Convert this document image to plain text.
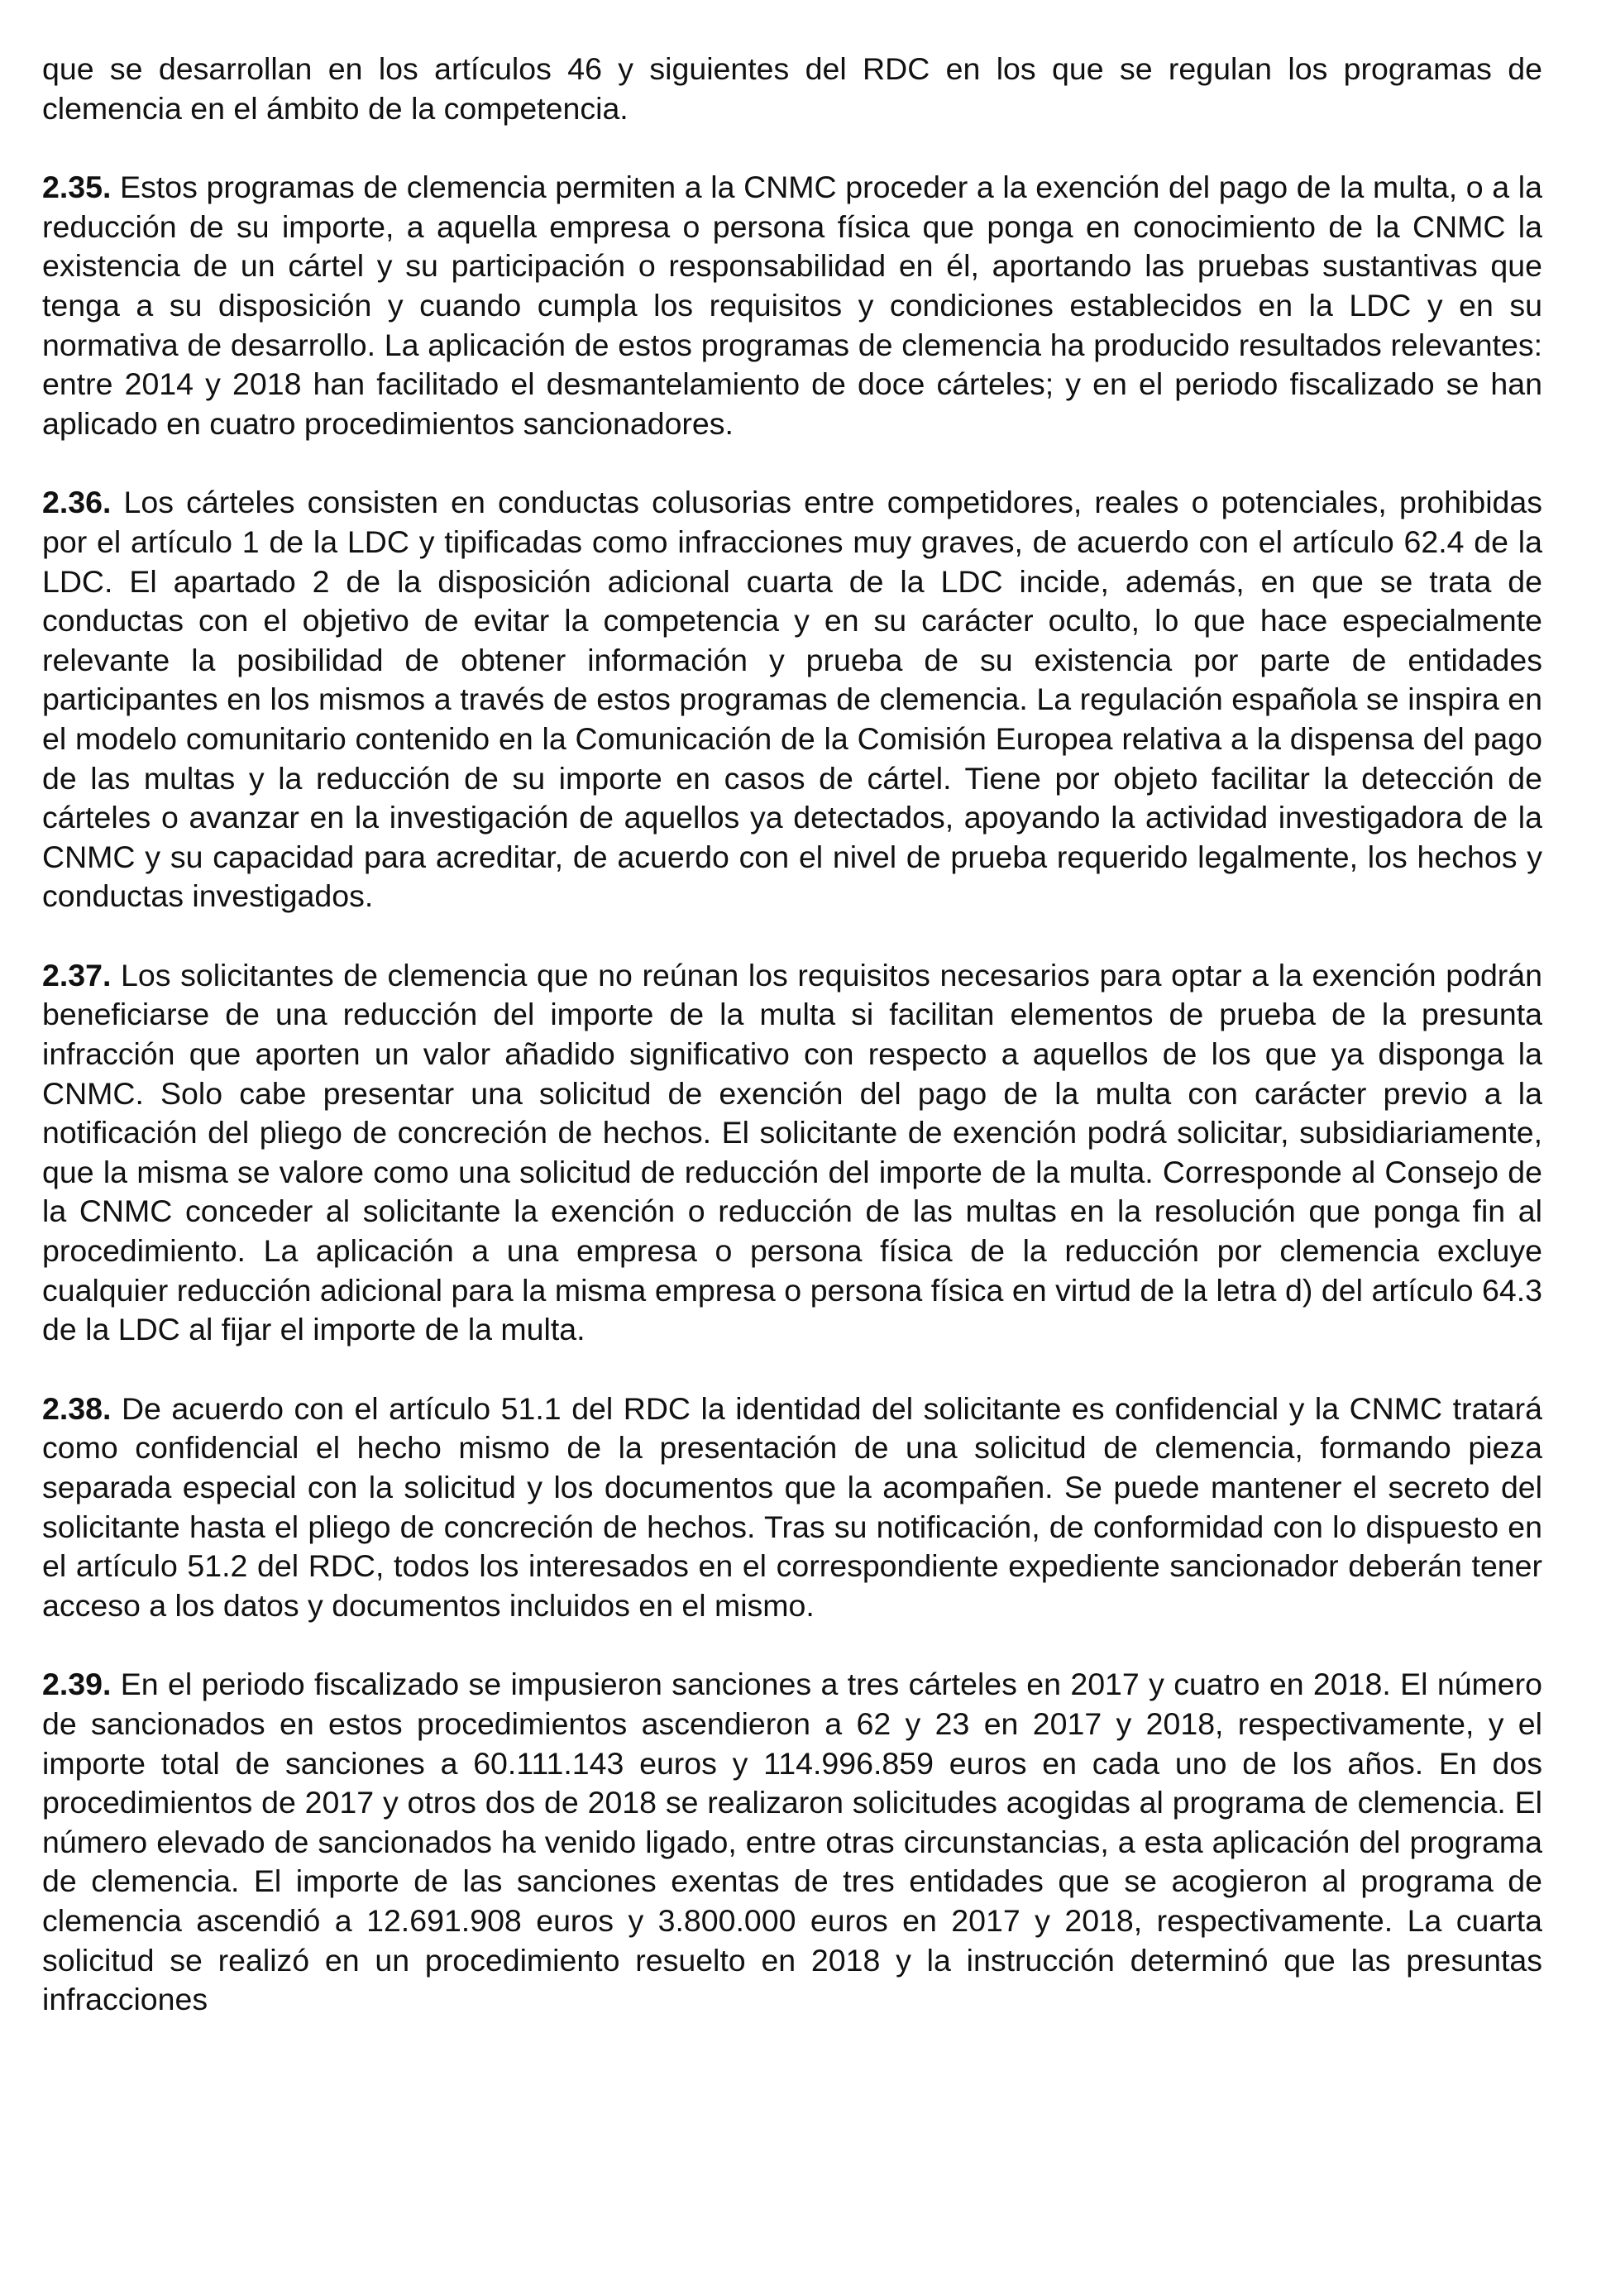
que se desarrollan en los artículos 46 y siguientes del RDC en los que se regulan los programas de clemencia en el ámbito de la competencia.

2.35. Estos programas de clemencia permiten a la CNMC proceder a la exención del pago de la multa, o a la reducción de su importe, a aquella empresa o persona física que ponga en conocimiento de la CNMC la existencia de un cártel y su participación o responsabilidad en él, aportando las pruebas sustantivas que tenga a su disposición y cuando cumpla los requisitos y condiciones establecidos en la LDC y en su normativa de desarrollo. La aplicación de estos programas de clemencia ha producido resultados relevantes: entre 2014 y 2018 han facilitado el desmantelamiento de doce cárteles; y en el periodo fiscalizado se han aplicado en cuatro procedimientos sancionadores.

2.36. Los cárteles consisten en conductas colusorias entre competidores, reales o potenciales, prohibidas por el artículo 1 de la LDC y tipificadas como infracciones muy graves, de acuerdo con el artículo 62.4 de la LDC. El apartado 2 de la disposición adicional cuarta de la LDC incide, además, en que se trata de conductas con el objetivo de evitar la competencia y en su carácter oculto, lo que hace especialmente relevante la posibilidad de obtener información y prueba de su existencia por parte de entidades participantes en los mismos a través de estos programas de clemencia. La regulación española se inspira en el modelo comunitario contenido en la Comunicación de la Comisión Europea relativa a la dispensa del pago de las multas y la reducción de su importe en casos de cártel. Tiene por objeto facilitar la detección de cárteles o avanzar en la investigación de aquellos ya detectados, apoyando la actividad investigadora de la CNMC y su capacidad para acreditar, de acuerdo con el nivel de prueba requerido legalmente, los hechos y conductas investigados.

2.37. Los solicitantes de clemencia que no reúnan los requisitos necesarios para optar a la exención podrán beneficiarse de una reducción del importe de la multa si facilitan elementos de prueba de la presunta infracción que aporten un valor añadido significativo con respecto a aquellos de los que ya disponga la CNMC. Solo cabe presentar una solicitud de exención del pago de la multa con carácter previo a la notificación del pliego de concreción de hechos. El solicitante de exención podrá solicitar, subsidiariamente, que la misma se valore como una solicitud de reducción del importe de la multa. Corresponde al Consejo de la CNMC conceder al solicitante la exención o reducción de las multas en la resolución que ponga fin al procedimiento. La aplicación a una empresa o persona física de la reducción por clemencia excluye cualquier reducción adicional para la misma empresa o persona física en virtud de la letra d) del artículo 64.3 de la LDC al fijar el importe de la multa.

2.38. De acuerdo con el artículo 51.1 del RDC la identidad del solicitante es confidencial y la CNMC tratará como confidencial el hecho mismo de la presentación de una solicitud de clemencia, formando pieza separada especial con la solicitud y los documentos que la acompañen. Se puede mantener el secreto del solicitante hasta el pliego de concreción de hechos. Tras su notificación, de conformidad con lo dispuesto en el artículo 51.2 del RDC, todos los interesados en el correspondiente expediente sancionador deberán tener acceso a los datos y documentos incluidos en el mismo.

2.39. En el periodo fiscalizado se impusieron sanciones a tres cárteles en 2017 y cuatro en 2018. El número de sancionados en estos procedimientos ascendieron a 62 y 23 en 2017 y 2018, respectivamente, y el importe total de sanciones a 60.111.143 euros y 114.996.859 euros en cada uno de los años. En dos procedimientos de 2017 y otros dos de 2018 se realizaron solicitudes acogidas al programa de clemencia. El número elevado de sancionados ha venido ligado, entre otras circunstancias, a esta aplicación del programa de clemencia. El importe de las sanciones exentas de tres entidades que se acogieron al programa de clemencia ascendió a 12.691.908 euros y 3.800.000 euros en 2017 y 2018, respectivamente. La cuarta solicitud se realizó en un procedimiento resuelto en 2018 y la instrucción determinó que las presuntas infracciones
